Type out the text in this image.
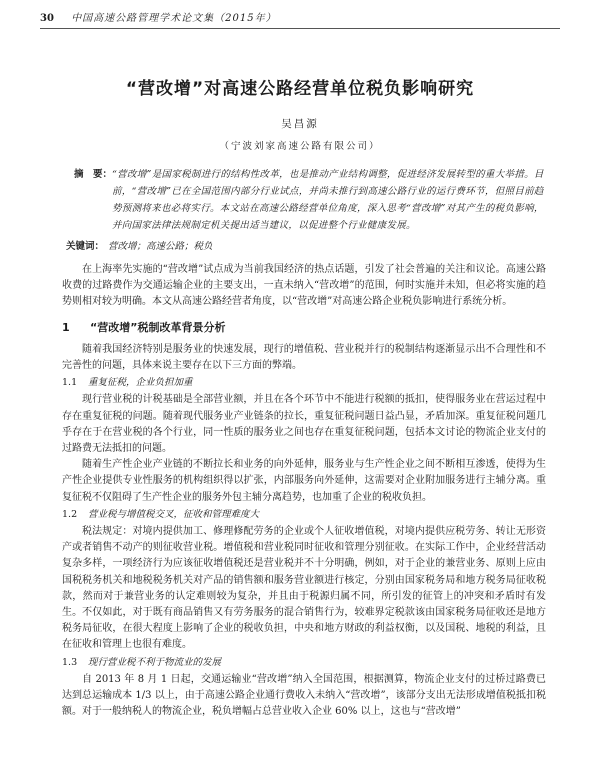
30 中国高速公路管理学术论文集（2015年）
“营改增”对高速公路经营单位税负影响研究
吴昌源
（宁波刘家高速公路有限公司）
摘　要： “营改增”是国家税制进行的结构性改革，也是推动产业结构调整，促进经济发展转型的重大举措。目前，“营改增”已在全国范围内部分行业试点，并尚未推行到高速公路行业的运行费环节，但照目前趋势预测将来也必将实行。本文站在高速公路经营单位角度，深入思考“营改增”对其产生的税负影响，并向国家法律法规制定机关提出适当建议，以促进整个行业健康发展。
关键词： 营改增；高速公路；税负

在上海率先实施的“营改增”试点成为当前我国经济的热点话题，引发了社会普遍的关注和议论。高速公路收费的过路费作为交通运输企业的主要支出，一直未纳入“营改增”的范围，何时实施并未知，但必将实施的趋势则相对较为明确。本文从高速公路经营者角度，以“营改增”对高速公路企业税负影响进行系统分析。

1 “营改增”税制改革背景分析

随着我国经济特别是服务业的快速发展，现行的增值税、营业税并行的税制结构逐渐显示出不合理性和不完善性的问题，具体来说主要存在以下三方面的弊端。

1.1 重复征税，企业负担加重

现行营业税的计税基础是全部营业额，并且在各个环节中不能进行税额的抵扣，使得服务业在营运过程中存在重复征税的问题。随着现代服务业产业链条的拉长，重复征税问题日益凸显，矛盾加深。重复征税问题几乎存在于在营业税的各个行业，同一性质的服务业之间也存在重复征税问题，包括本文讨论的物流企业支付的过路费无法抵扣的问题。

随着生产性企业产业链的不断拉长和业务的向外延伸，服务业与生产性企业之间不断相互渗透，使得为生产性企业提供专业性服务的机构组织得以扩张，内部服务向外延伸，这需要对企业附加服务进行主辅分离。重复征税不仅阻碍了生产性企业的服务外包主辅分离趋势，也加重了企业的税收负担。

1.2 营业税与增值税交叉，征收和管理难度大

税法规定：对境内提供加工、修理修配劳务的企业或个人征收增值税，对境内提供应税劳务、转让无形资产或者销售不动产的则征收营业税。增值税和营业税同时征收和管理分别征收。在实际工作中，企业经营活动复杂多样，一项经济行为应该征收增值税还是营业税并不十分明确，例如，对于企业的兼营业务、原则上应由国税税务机关和地税税务机关对产品的销售额和服务营业额进行核定，分别由国家税务局和地方税务局征收税款，然而对于兼营业务的认定难则较为复杂，并且由于税源归属不同，所引发的征管上的冲突和矛盾时有发生。不仅如此，对于既有商品销售又有劳务服务的混合销售行为，较难界定税款该由国家税务局征收还是地方税务局征收，在很大程度上影响了企业的税收负担，中央和地方财政的利益权衡，以及国税、地税的利益，且在征收和管理上也很有难度。

1.3 现行营业税不利于物流业的发展

自 2013 年 8 月 1 日起，交通运输业“营改增”纳入全国范围，根据测算，物流企业支付的过桥过路费已达到总运输成本 1/3 以上，由于高速公路企业通行费收入未纳入“营改增”，该部分支出无法形成增值税抵扣税额。对于一般纳税人的物流企业，税负增幅占总营业收入企业 60% 以上，这也与“营改增”
